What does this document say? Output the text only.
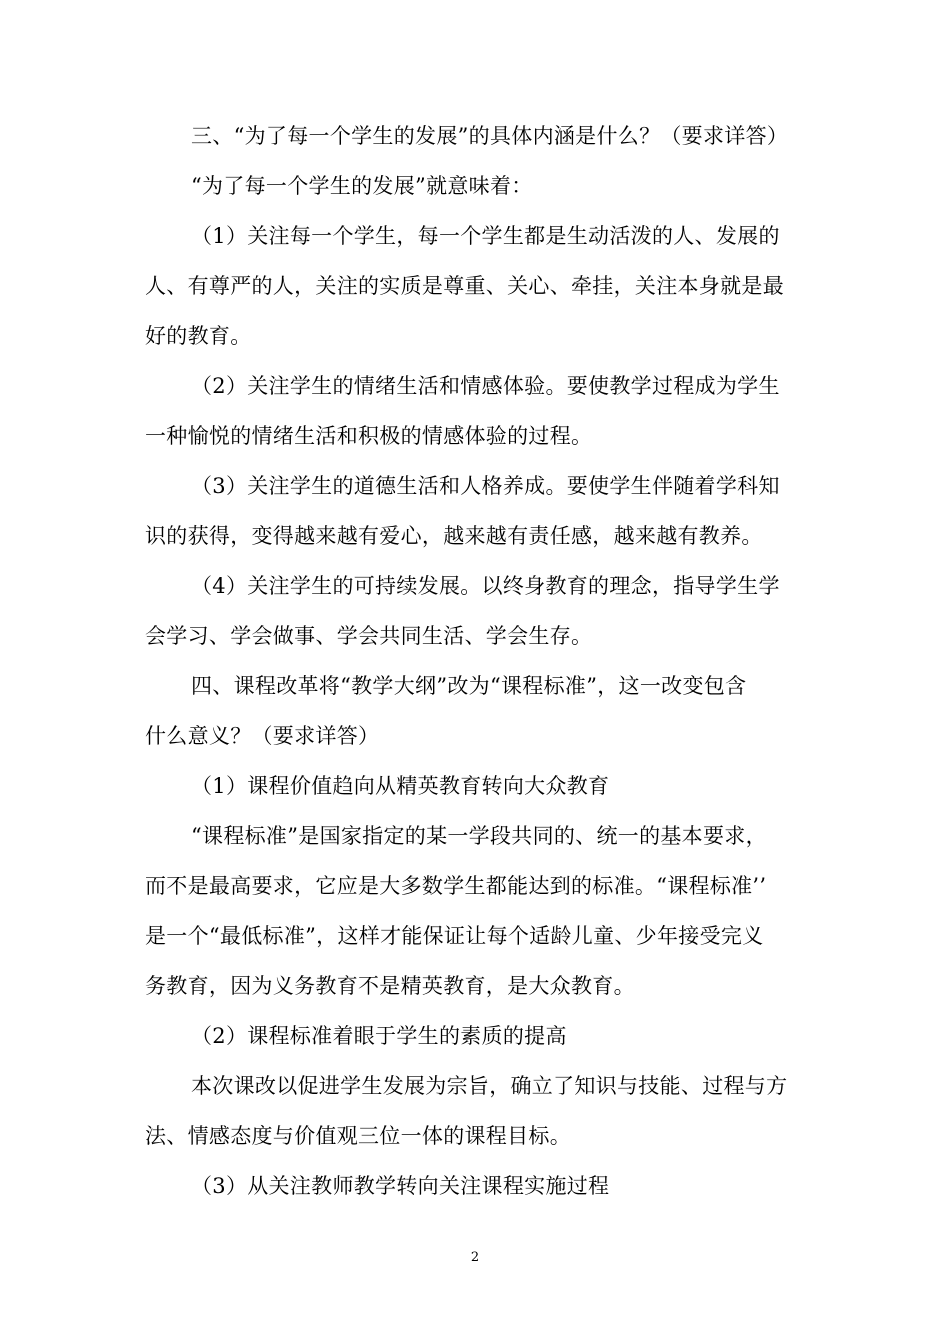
三、“为了每一个学生的发展”的具体内涵是什么？（要求详答）
“为了每一个学生的发展”就意味着：
（1）关注每一个学生，每一个学生都是生动活泼的人、发展的
人、有尊严的人，关注的实质是尊重、关心、牵挂，关注本身就是最
好的教育。
（2）关注学生的情绪生活和情感体验。要使教学过程成为学生
一种愉悦的情绪生活和积极的情感体验的过程。
（3）关注学生的道德生活和人格养成。要使学生伴随着学科知
识的获得，变得越来越有爱心，越来越有责任感，越来越有教养。
（4）关注学生的可持续发展。以终身教育的理念，指导学生学
会学习、学会做事、学会共同生活、学会生存。
四、课程改革将“教学大纲”改为“课程标准”，这一改变包含
什么意义？（要求详答）
（1）课程价值趋向从精英教育转向大众教育
“课程标准”是国家指定的某一学段共同的、统一的基本要求，
而不是最高要求，它应是大多数学生都能达到的标准。“课程标准’’
是一个“最低标准”，这样才能保证让每个适龄儿童、少年接受完义
务教育，因为义务教育不是精英教育，是大众教育。
（2）课程标准着眼于学生的素质的提高
本次课改以促进学生发展为宗旨，确立了知识与技能、过程与方
法、情感态度与价值观三位一体的课程目标。
（3）从关注教师教学转向关注课程实施过程
2
